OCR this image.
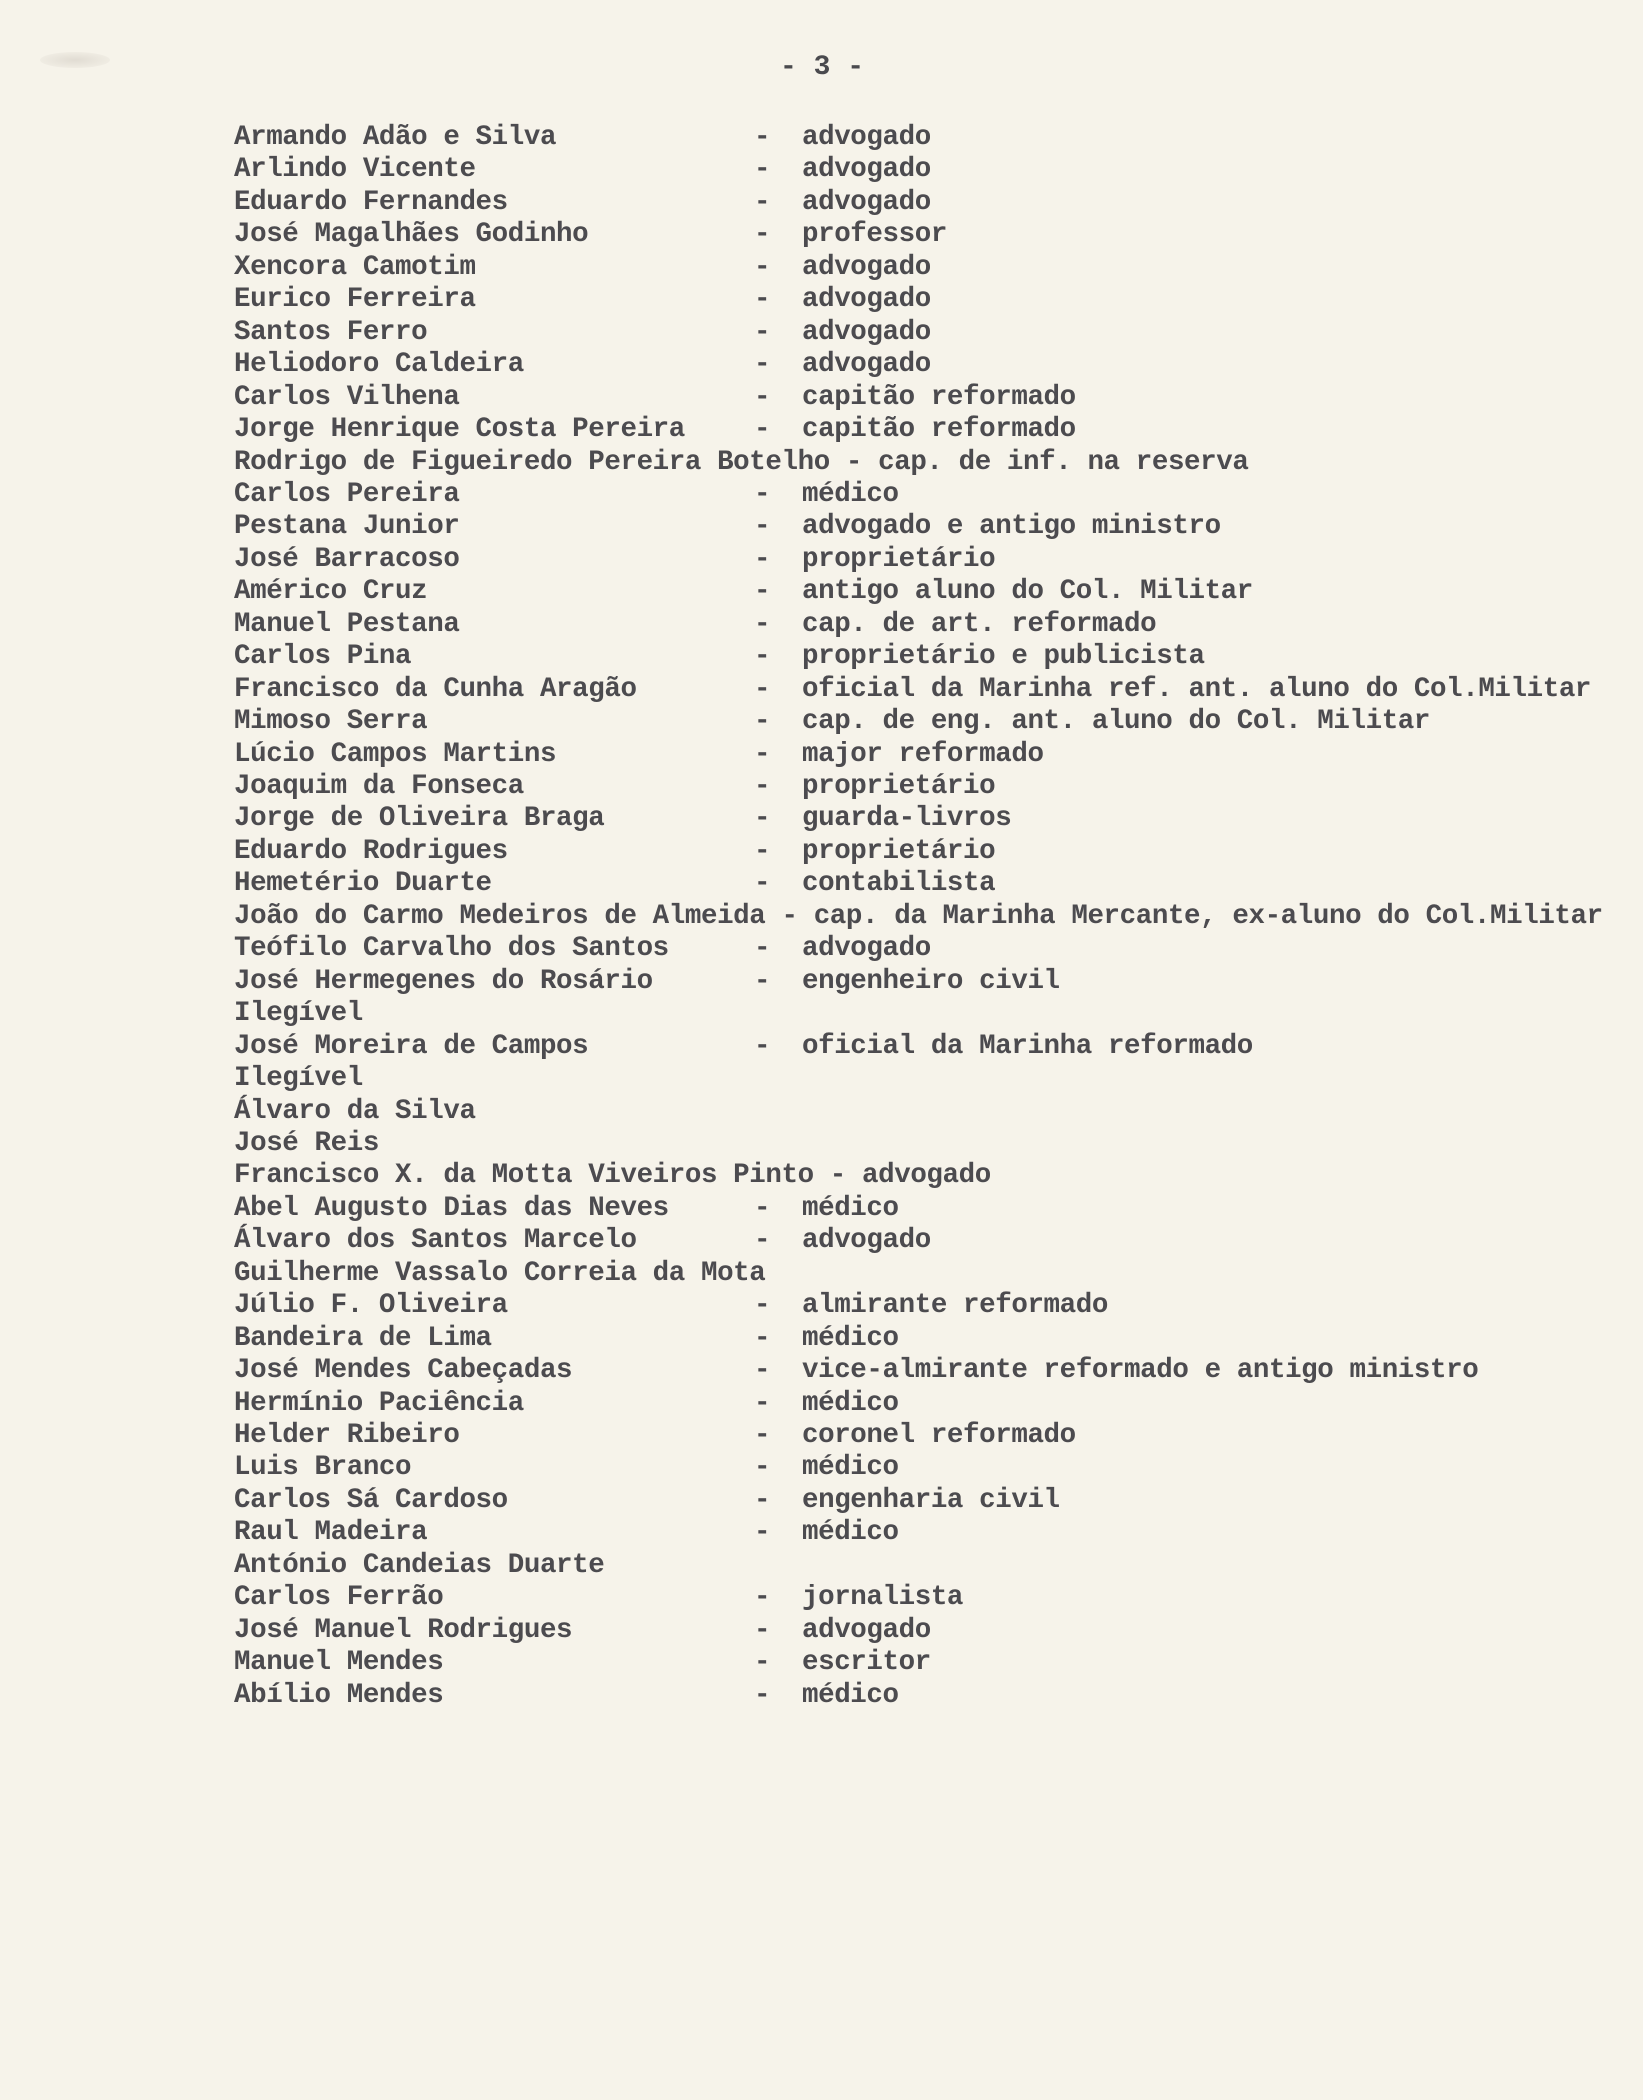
- 3 -
Armando Adão e Silva	- advogado
Arlindo Vicente	- advogado
Eduardo Fernandes	- advogado
José Magalhães Godinho	- professor
Xencora Camotim	- advogado
Eurico Ferreira	- advogado
Santos Ferro	- advogado
Heliodoro Caldeira	- advogado
Carlos Vilhena	- capitão reformado
Jorge Henrique Costa Pereira	- capitão reformado
Rodrigo de Figueiredo Pereira Botelho - cap. de inf. na reserva
Carlos Pereira	- médico
Pestana Junior	- advogado e antigo ministro
José Barracoso	- proprietário
Américo Cruz	- antigo aluno do Col. Militar
Manuel Pestana	- cap. de art. reformado
Carlos Pina	- proprietário e publicista
Francisco da Cunha Aragão	- oficial da Marinha ref. ant. aluno do Col.Militar
Mimoso Serra	- cap. de eng. ant. aluno do Col. Militar
Lúcio Campos Martins	- major reformado
Joaquim da Fonseca	- proprietário
Jorge de Oliveira Braga	- guarda-livros
Eduardo Rodrigues	- proprietário
Hemetério Duarte	- contabilista
João do Carmo Medeiros de Almeida - cap. da Marinha Mercante, ex-aluno do Col.Militar
Teófilo Carvalho dos Santos	- advogado
José Hermegenes do Rosário	- engenheiro civil
Ilegível
José Moreira de Campos	- oficial da Marinha reformado
Ilegível
Álvaro da Silva
José Reis
Francisco X. da Motta Viveiros Pinto - advogado
Abel Augusto Dias das Neves	- médico
Álvaro dos Santos Marcelo	- advogado
Guilherme Vassalo Correia da Mota
Júlio F. Oliveira	- almirante reformado
Bandeira de Lima	- médico
José Mendes Cabeçadas	- vice-almirante reformado e antigo ministro
Hermínio Paciência	- médico
Helder Ribeiro	- coronel reformado
Luis Branco	- médico
Carlos Sá Cardoso	- engenharia civil
Raul Madeira	- médico
António Candeias Duarte
Carlos Ferrão	- jornalista
José Manuel Rodrigues	- advogado
Manuel Mendes	- escritor
Abílio Mendes	- médico
